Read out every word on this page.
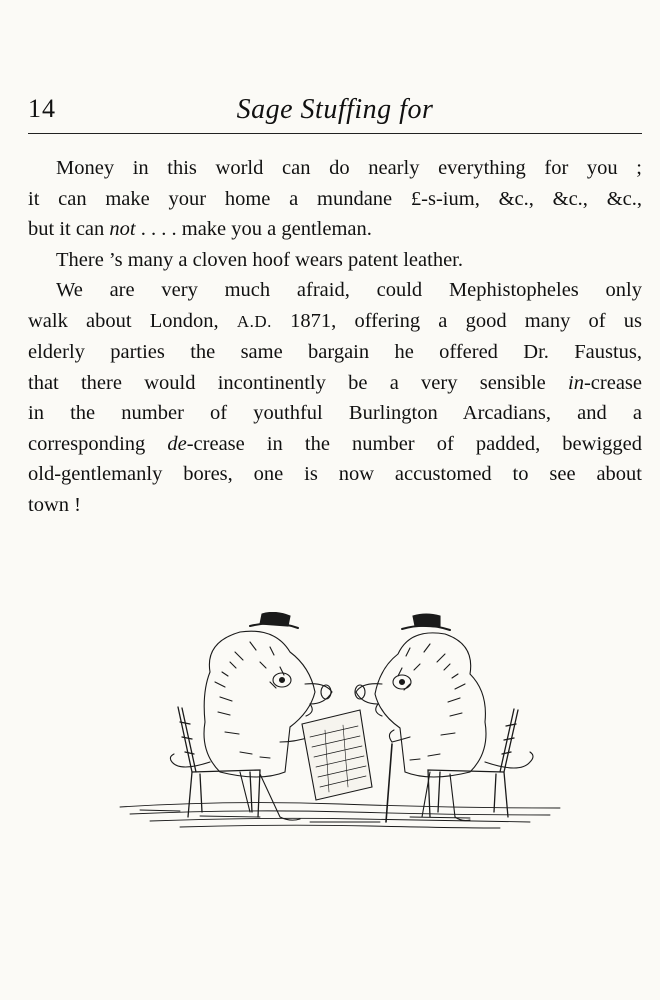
14	Sage Stuffing for
Money in this world can do nearly everything for you ;
it can make your home a mundane £-s-ium, &c., &c., &c.,
but it can not . . . . make you a gentleman.
There ’s many a cloven hoof wears patent leather.
We are very much afraid, could Mephistopheles only
walk about London, A.D. 1871, offering a good many of us
elderly parties the same bargain he offered Dr. Faustus,
that there would incontinently be a very sensible in-crease
in the number of youthful Burlington Arcadians, and a
corresponding de-crease in the number of padded, bewigged
old-gentlemanly bores, one is now accustomed to see about
town !
